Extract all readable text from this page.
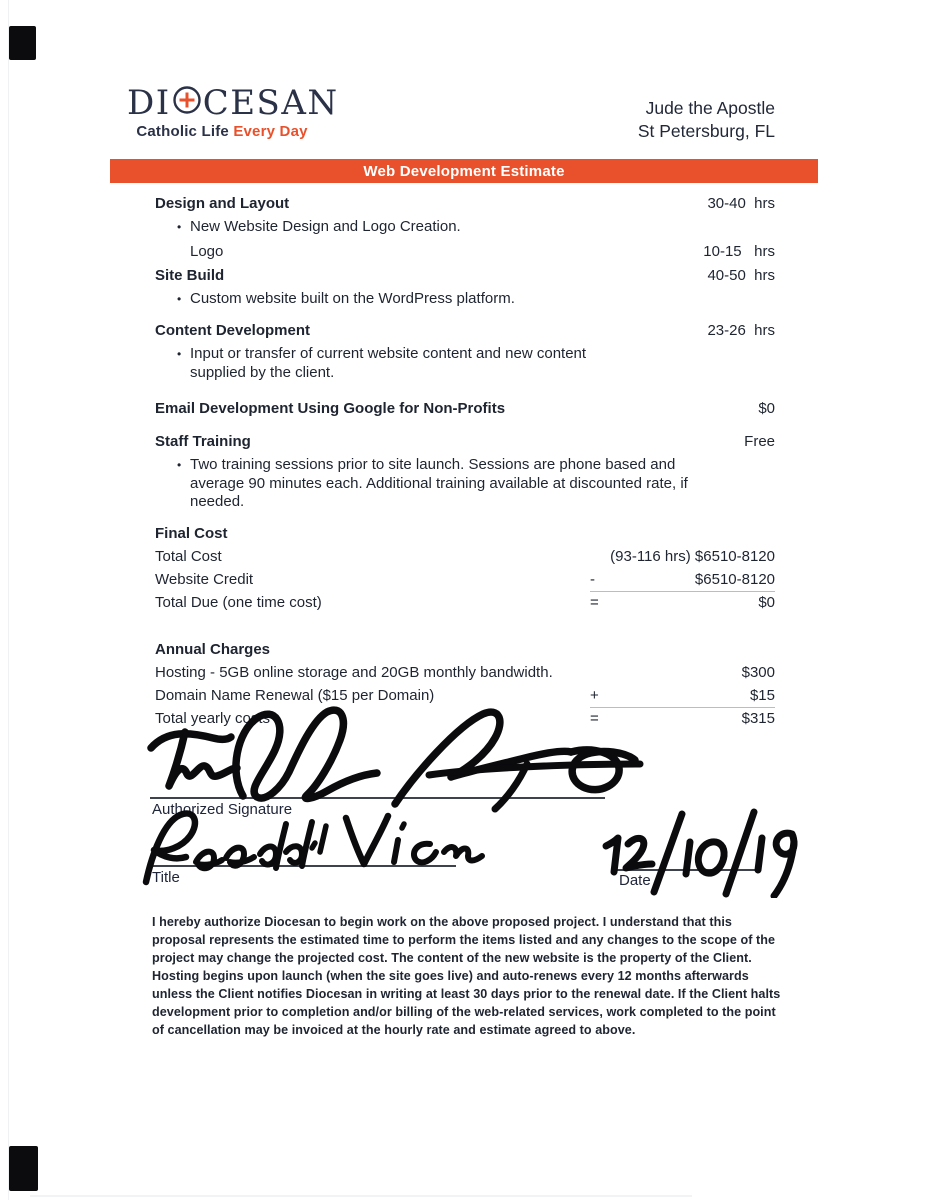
DI CESAN
Catholic Life Every Day
Jude the Apostle
St Petersburg, FL
Web Development Estimate
Design and Layout	30-40  hrs
• New Website Design and Logo Creation.
Logo	10-15   hrs
Site Build	40-50  hrs
• Custom website built on the WordPress platform.
Content Development	23-26  hrs
• Input or transfer of current website content and new content
supplied by the client.
Email Development Using Google for Non-Profits	$0
Staff Training	Free
• Two training sessions prior to site launch. Sessions are phone based and
average 90 minutes each. Additional training available at discounted rate, if
needed.
Final Cost
Total Cost	(93-116 hrs) $6510-8120
Website Credit	-	$6510-8120
Total Due (one time cost)	=	$0
Annual Charges
Hosting - 5GB online storage and 20GB monthly bandwidth.	$300
Domain Name Renewal ($15 per Domain)	+	$15
Total yearly costs	=	$315
Authorized Signature
Title	Date
I hereby authorize Diocesan to begin work on the above proposed project. I understand that this proposal represents the estimated time to perform the items listed and any changes to the scope of the project may change the projected cost. The content of the new website is the property of the Client. Hosting begins upon launch (when the site goes live) and auto-renews every 12 months afterwards unless the Client notifies Diocesan in writing at least 30 days prior to the renewal date. If the Client halts development prior to completion and/or billing of the web-related services, work completed to the point of cancellation may be invoiced at the hourly rate and estimate agreed to above.
